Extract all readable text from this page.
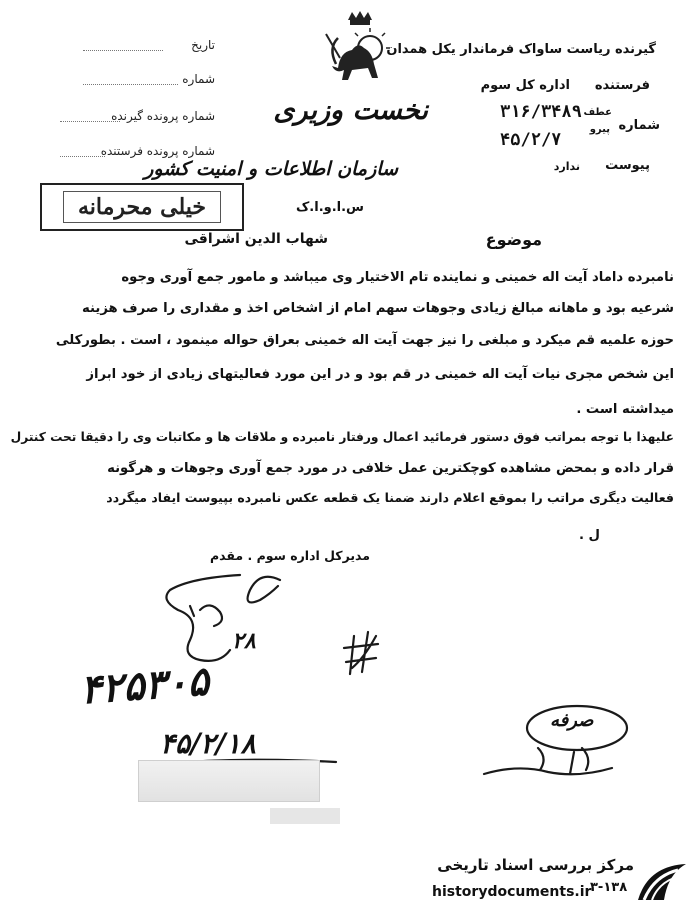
تاریخ
شماره
شماره پرونده گیرنده
شماره پرونده فرستنده
گیرنده ریاست ساواک فرماندار یکل همدان
نخست وزیری
سازمان اطلاعات و امنیت کشور
س.ا.و.ا.ک
فرستنده
اداره کل سوم
شماره
عطف
پیرو
۳۱۶/۳۴۸۹
۴۵/۲/۷
پیوست
ندارد
خیلی محرمانه
موضوع
شهاب الدین اشراقی
نامبرده داماد آیت اله خمینی و نماینده تام الاختیار وی میباشد و مامور جمع آوری وجوه
شرعیه بود و ماهانه مبالغ زیادی وجوهات سهم امام از اشخاص اخذ و مقداری را صرف هزینه
حوزه علمیه قم میکرد و مبلغی را نیز جهت آیت اله خمینی بعراق حواله مینمود ، است . بطورکلی
این شخص مجری نیات آیت اله خمینی در قم بود و در این مورد فعالیتهای زیادی از خود ابراز
میداشته است .
علیهذا با توجه بمراتب فوق دستور فرمائید اعمال ورفتار نامبرده و ملاقات ها و مکاتبات وی را دقیقا تحت کنترل
قرار داده و بمحض مشاهده کوچکترین عمل خلافی در مورد جمع آوری وجوهات و هرگونه
فعالیت دیگری مراتب را بموقع اعلام دارند ضمنا یک قطعه عکس نامبرده بپیوست ایفاد میگردد
ل .
مدیرکل اداره سوم . مقدم
۲۸
۴۲۵۳۰۵
۴۵/۲/۱۸
صرفه
مرکز بررسی اسناد تاریخی
historydocuments.ir
۳-۱۳۸
